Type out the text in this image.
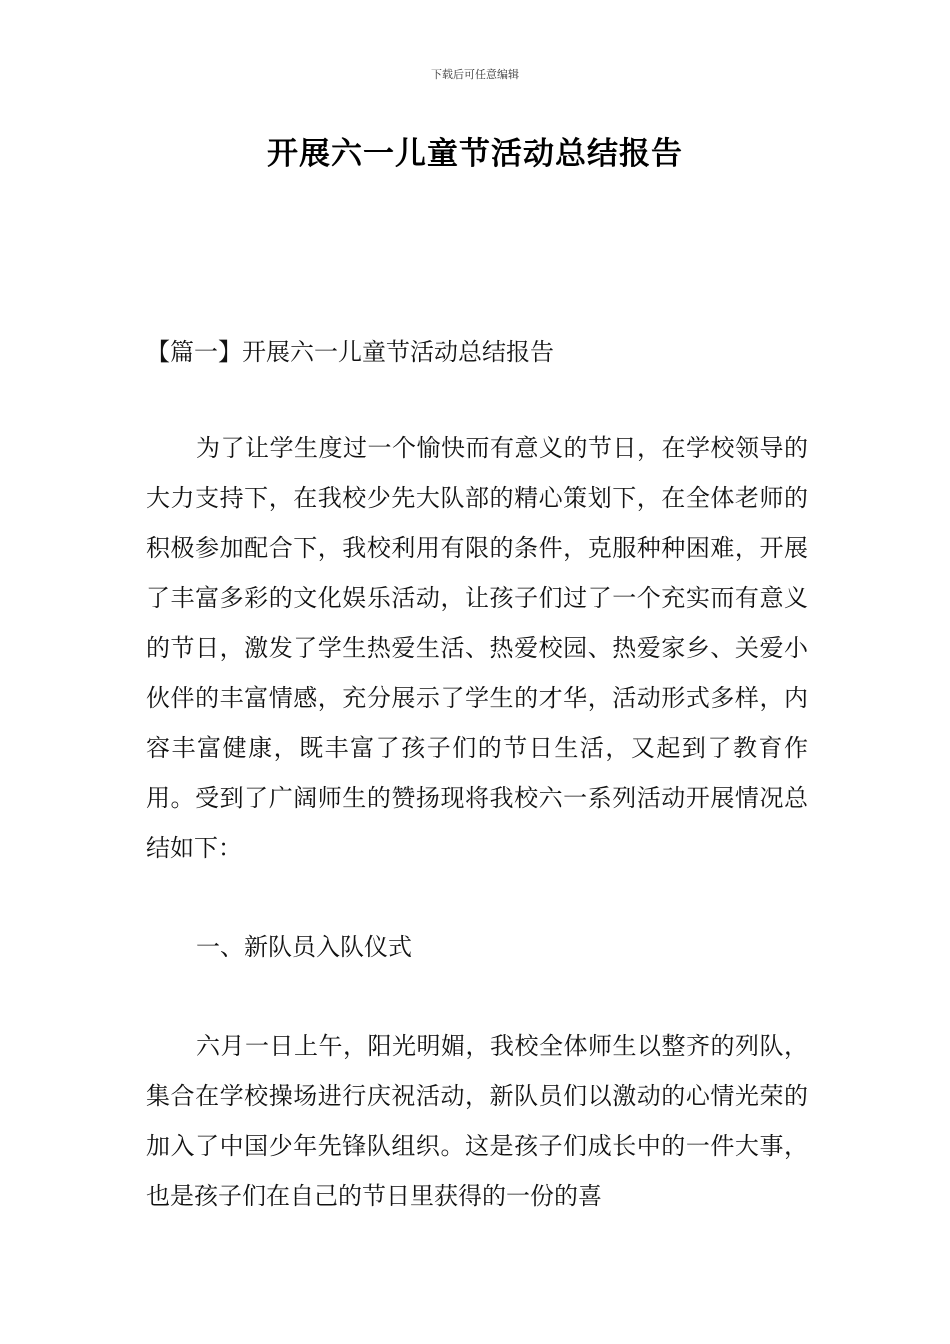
下载后可任意编辑
开展六一儿童节活动总结报告
【篇一】开展六一儿童节活动总结报告
为了让学生度过一个愉快而有意义的节日，在学校领导的大力支持下，在我校少先大队部的精心策划下，在全体老师的积极参加配合下，我校利用有限的条件，克服种种困难，开展了丰富多彩的文化娱乐活动，让孩子们过了一个充实而有意义的节日，激发了学生热爱生活、热爱校园、热爱家乡、关爱小伙伴的丰富情感，充分展示了学生的才华，活动形式多样，内容丰富健康，既丰富了孩子们的节日生活，又起到了教育作用。受到了广阔师生的赞扬现将我校六一系列活动开展情况总结如下：
一、新队员入队仪式
六月一日上午，阳光明媚，我校全体师生以整齐的列队，集合在学校操场进行庆祝活动，新队员们以激动的心情光荣的加入了中国少年先锋队组织。这是孩子们成长中的一件大事，也是孩子们在自己的节日里获得的一份的喜
